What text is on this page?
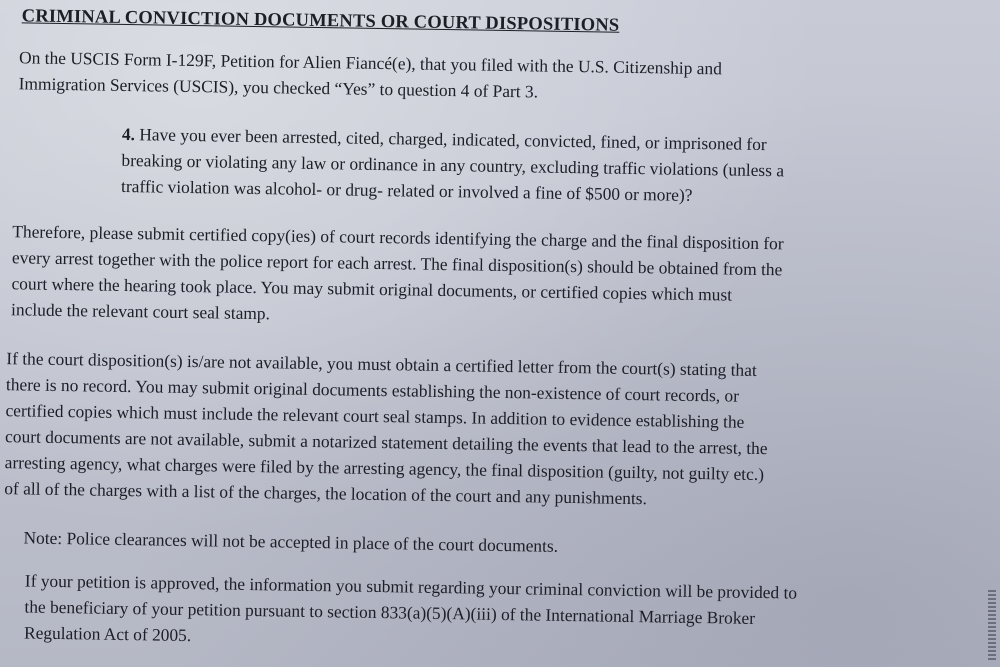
CRIMINAL CONVICTION DOCUMENTS OR COURT DISPOSITIONS

On the USCIS Form I-129F, Petition for Alien Fiancé(e), that you filed with the U.S. Citizenship and
Immigration Services (USCIS), you checked “Yes” to question 4 of Part 3.

4. Have you ever been arrested, cited, charged, indicated, convicted, fined, or imprisoned for
breaking or violating any law or ordinance in any country, excluding traffic violations (unless a
traffic violation was alcohol- or drug- related or involved a fine of $500 or more)?

Therefore, please submit certified copy(ies) of court records identifying the charge and the final disposition for
every arrest together with the police report for each arrest. The final disposition(s) should be obtained from the
court where the hearing took place. You may submit original documents, or certified copies which must
include the relevant court seal stamp.

If the court disposition(s) is/are not available, you must obtain a certified letter from the court(s) stating that
there is no record. You may submit original documents establishing the non-existence of court records, or
certified copies which must include the relevant court seal stamps. In addition to evidence establishing the
court documents are not available, submit a notarized statement detailing the events that lead to the arrest, the
arresting agency, what charges were filed by the arresting agency, the final disposition (guilty, not guilty etc.)
of all of the charges with a list of the charges, the location of the court and any punishments.

Note: Police clearances will not be accepted in place of the court documents.

If your petition is approved, the information you submit regarding your criminal conviction will be provided to
the beneficiary of your petition pursuant to section 833(a)(5)(A)(iii) of the International Marriage Broker
Regulation Act of 2005.
